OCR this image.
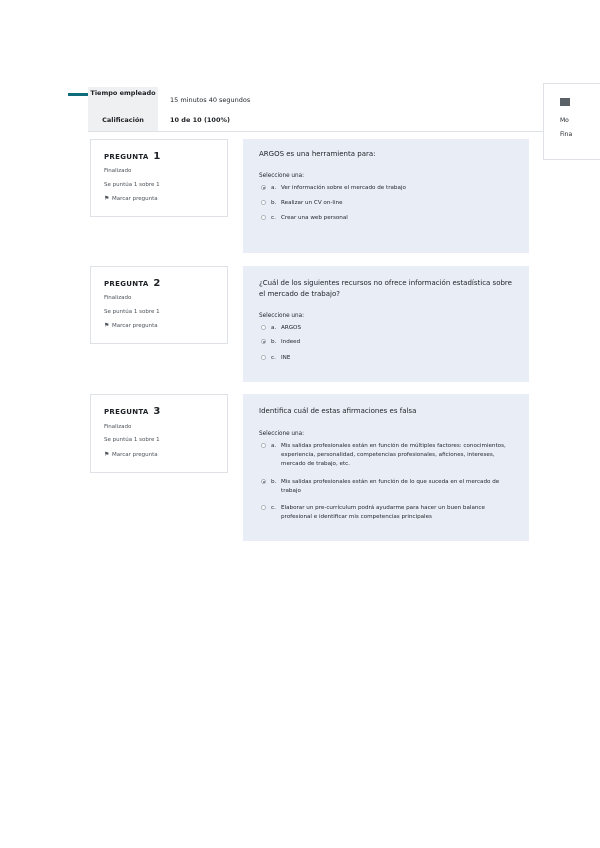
Tiempo empleado
15 minutos 40 segundos
Calificación	10 de 10 (100%)	Mo
Fina
PREGUNTA 1
Finalizado
Se puntúa 1 sobre 1
⚑ Marcar pregunta
ARGOS es una herramienta para:
Seleccione una:
a. Ver información sobre el mercado de trabajo
b. Realizar un CV on-line
c. Crear una web personal
PREGUNTA 2
Finalizado
Se puntúa 1 sobre 1
⚑ Marcar pregunta
¿Cuál de los siguientes recursos no ofrece información estadística sobre el mercado de trabajo?
Seleccione una:
a. ARGOS
b. Indeed
c. INE
PREGUNTA 3
Finalizado
Se puntúa 1 sobre 1
⚑ Marcar pregunta
Identifica cuál de estas afirmaciones es falsa
Seleccione una:
a. Mis salidas profesionales están en función de múltiples factores: conocimientos, experiencia, personalidad, competencias profesionales, aficiones, intereses, mercado de trabajo, etc.
b. Mis salidas profesionales están en función de lo que suceda en el mercado de trabajo
c. Elaborar un pre-currículum podrá ayudarme para hacer un buen balance profesional e identificar mis competencias principales
